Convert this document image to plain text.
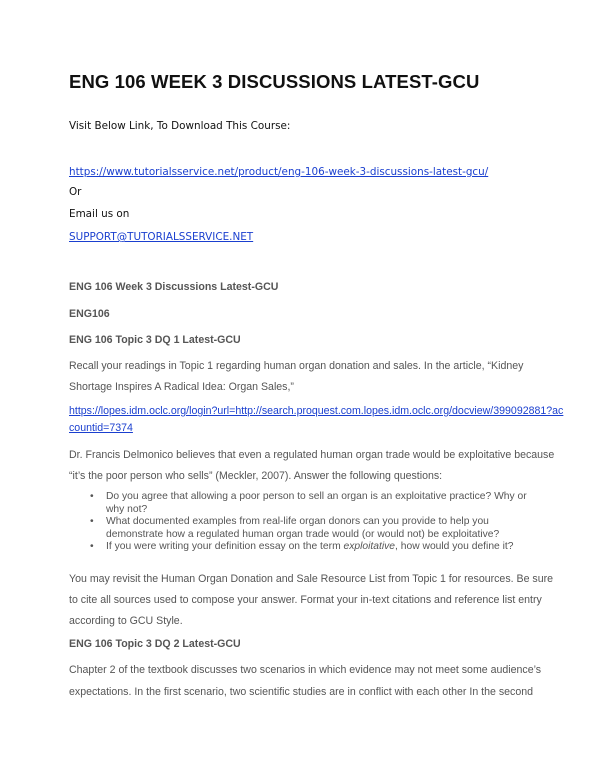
ENG 106 WEEK 3 DISCUSSIONS LATEST-GCU
Visit Below Link, To Download This Course:
https://www.tutorialsservice.net/product/eng-106-week-3-discussions-latest-gcu/
Or
Email us on
SUPPORT@TUTORIALSSERVICE.NET
ENG 106 Week 3 Discussions Latest-GCU
ENG106
ENG 106 Topic 3 DQ 1 Latest-GCU
Recall your readings in Topic 1 regarding human organ donation and sales. In the article, “Kidney
Shortage Inspires A Radical Idea: Organ Sales,”
https://lopes.idm.oclc.org/login?url=http://search.proquest.com.lopes.idm.oclc.org/docview/399092881?ac
countid=7374
Dr. Francis Delmonico believes that even a regulated human organ trade would be exploitative because
“it’s the poor person who sells” (Meckler, 2007). Answer the following questions:
• Do you agree that allowing a poor person to sell an organ is an exploitative practice? Why or why not?
• What documented examples from real-life organ donors can you provide to help you demonstrate how a regulated human organ trade would (or would not) be exploitative?
• If you were writing your definition essay on the term exploitative, how would you define it?
You may revisit the Human Organ Donation and Sale Resource List from Topic 1 for resources. Be sure
to cite all sources used to compose your answer. Format your in-text citations and reference list entry
according to GCU Style.
ENG 106 Topic 3 DQ 2 Latest-GCU
Chapter 2 of the textbook discusses two scenarios in which evidence may not meet some audience’s
expectations. In the first scenario, two scientific studies are in conflict with each other In the second
